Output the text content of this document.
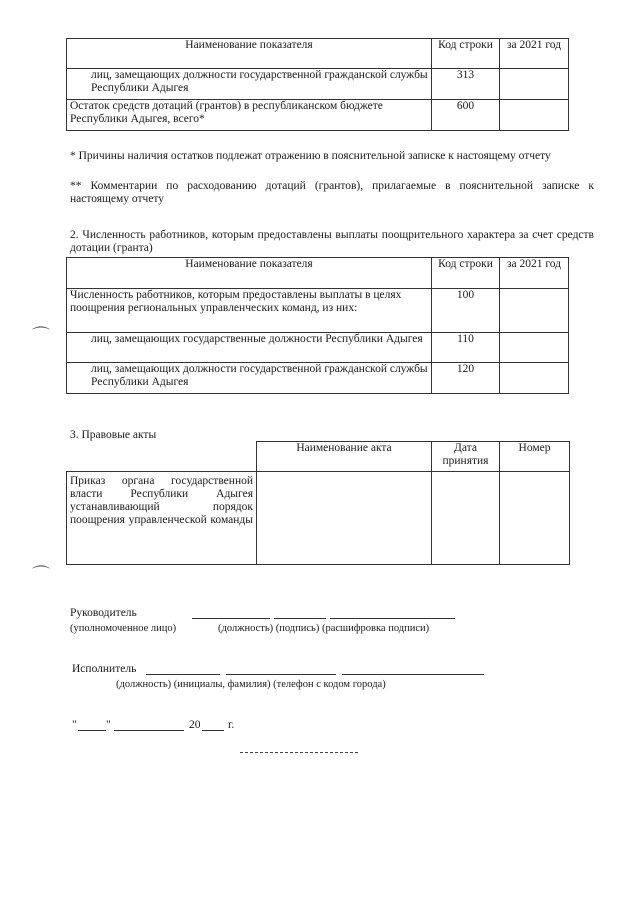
Наименование показателя	Код строки	за 2021 год
лиц, замещающих должности государственной гражданской службы Республики Адыгея	313	
Остаток средств дотаций (грантов) в республиканском бюджете Республики Адыгея, всего*	600	
* Причины наличия остатков подлежат отражению в пояснительной записке к настоящему отчету
** Комментарии по расходованию дотаций (грантов), прилагаемые в пояснительной записке к настоящему отчету
2. Численность работников, которым предоставлены выплаты поощрительного характера за счет средств дотации (гранта)
Наименование показателя	Код строки	за 2021 год
Численность работников, которым предоставлены выплаты в целях поощрения региональных управленческих команд, из них:	100	
лиц, замещающих государственные должности Республики Адыгея	110	
лиц, замещающих должности государственной гражданской службы Республики Адыгея	120	
3. Правовые акты
	Наименование акта	Дата принятия	Номер
Приказ органа государственной власти Республики Адыгея устанавливающий порядок поощрения управленческой команды			
Руководитель
(уполномоченное лицо)	(должность) (подпись) (расшифровка подписи)
Исполнитель
(должность) (инициалы, фамилия) (телефон с кодом города)
"	"	20 г.
⌒
⌒
